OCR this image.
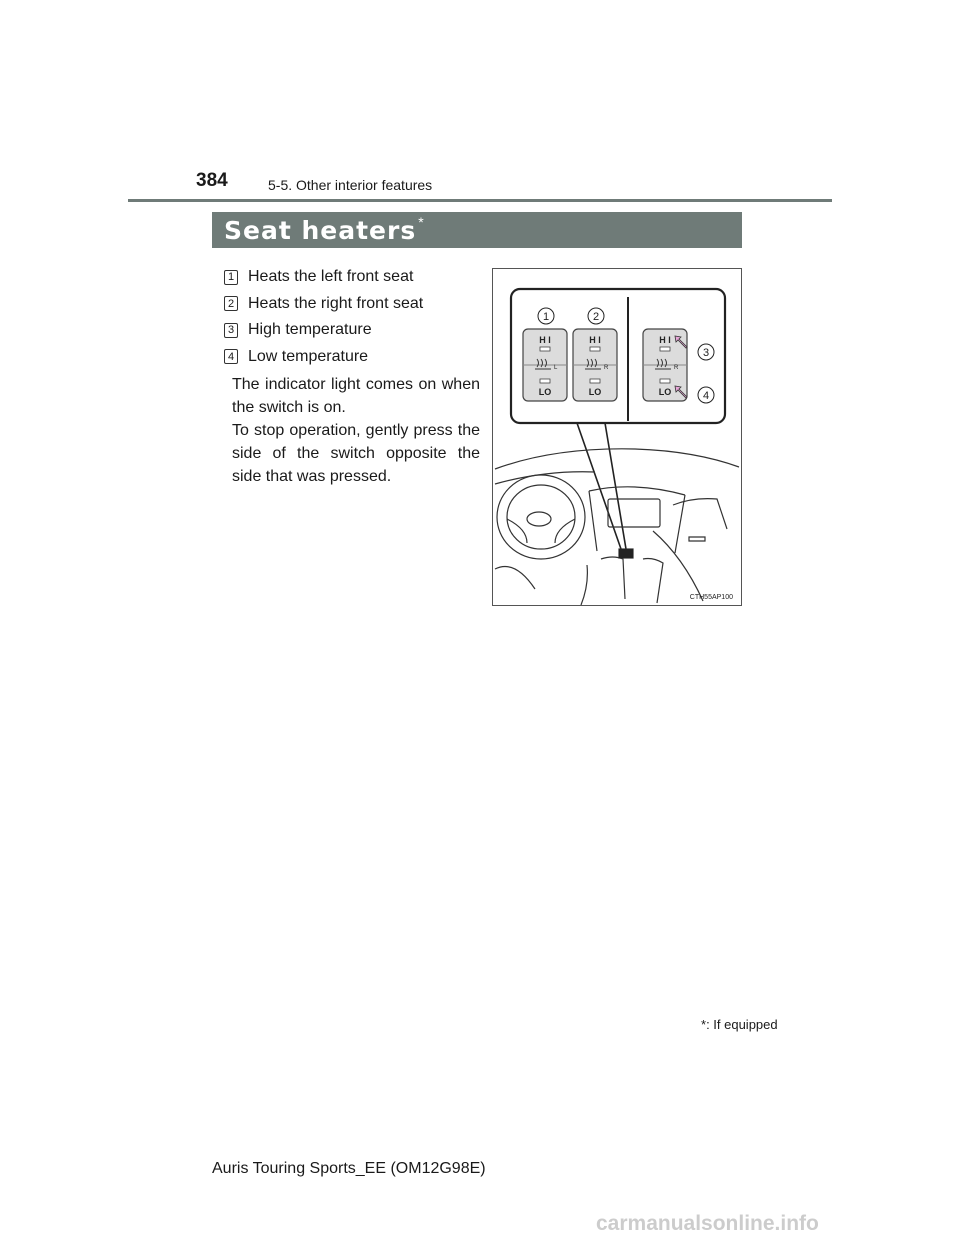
384	5-5. Other interior features
Seat heaters *
1 Heats the left front seat
2 Heats the right front seat
3 High temperature
4 Low temperature

The indicator light comes on when the switch is on.

To stop operation, gently press the side of the switch opposite the side that was pressed.

H I
L
LO
H I
R
LO
H I
R
LO
1	2
3
4
CTH55AP100
*: If equipped
Auris Touring Sports_EE (OM12G98E)
carmanualsonline.info
